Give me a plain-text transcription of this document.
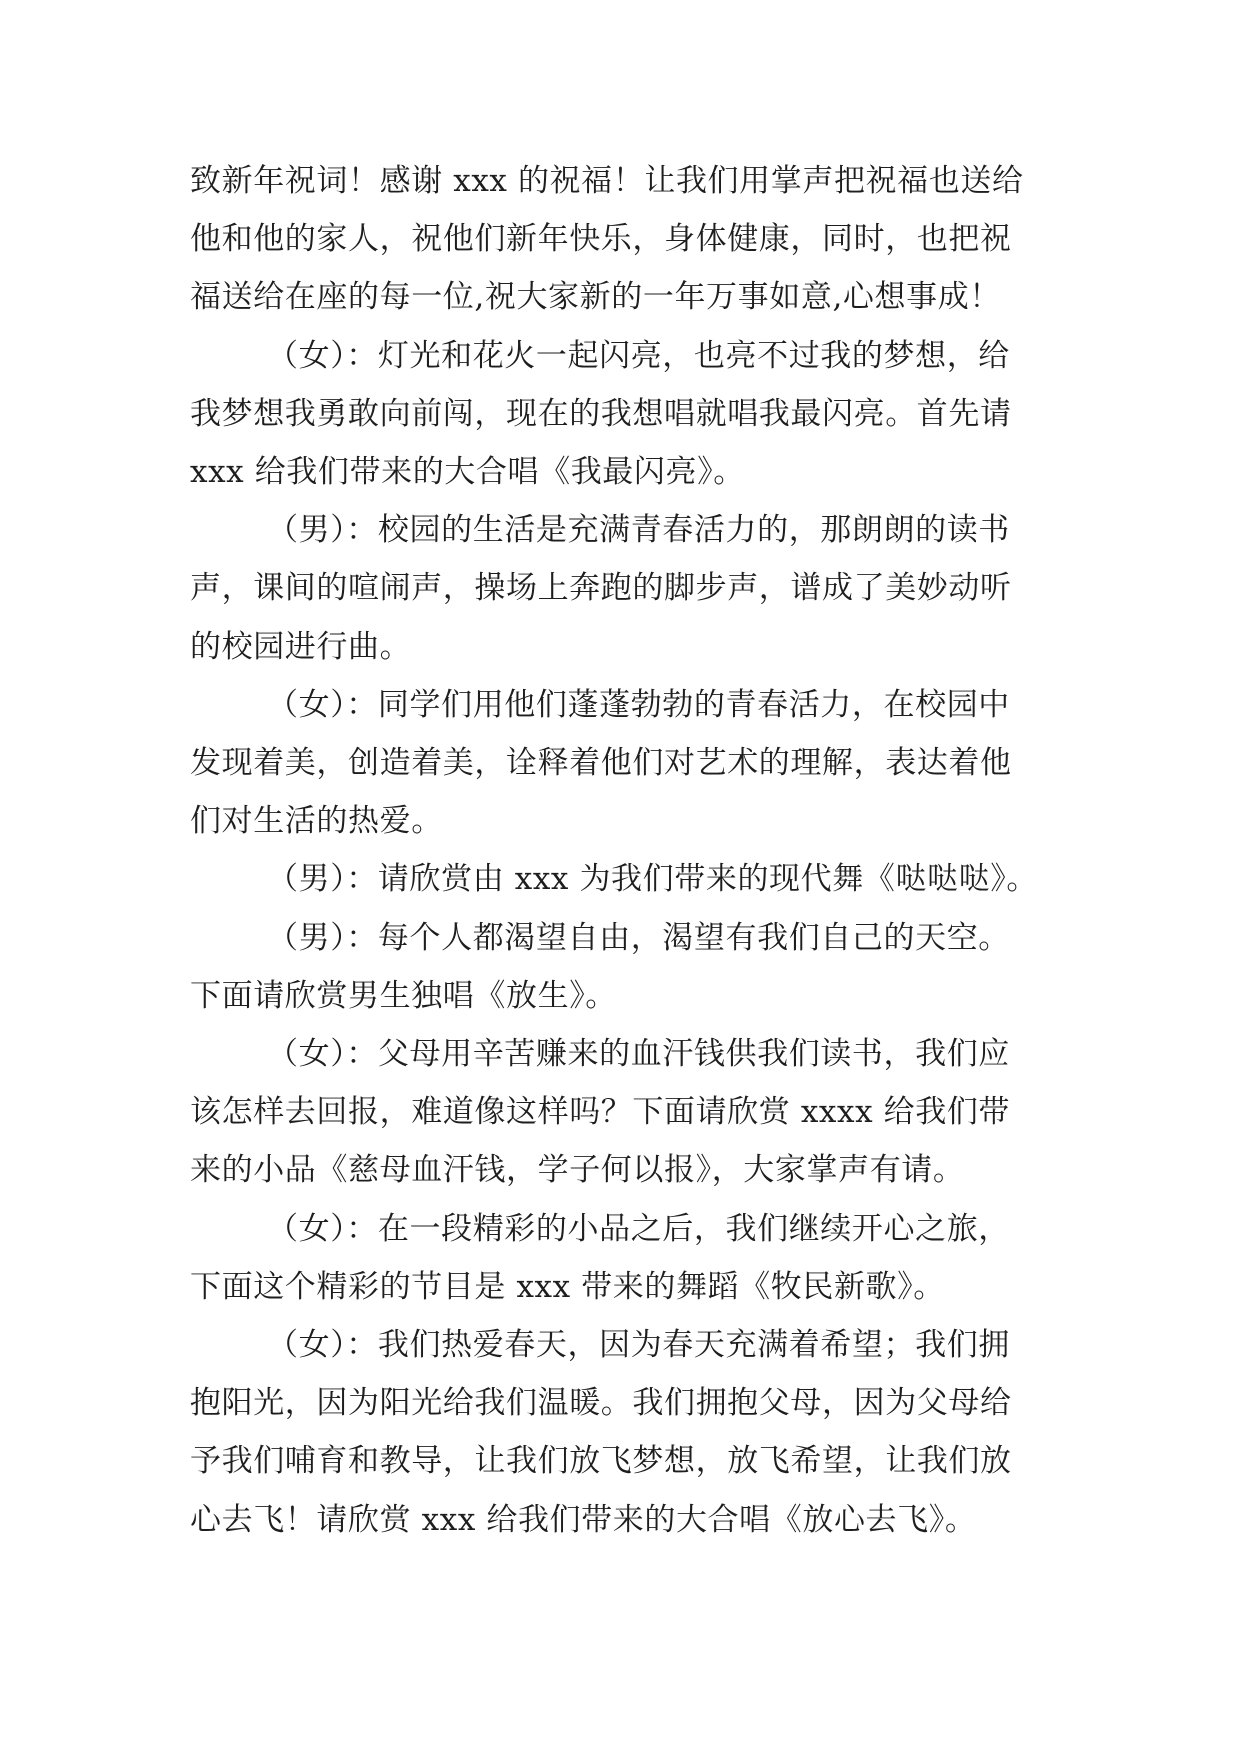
致新年祝词！感谢 xxx 的祝福！让我们用掌声把祝福也送给
他和他的家人，祝他们新年快乐，身体健康，同时，也把祝
福送给在座的每一位,祝大家新的一年万事如意,心想事成！

（女）：灯光和花火一起闪亮，也亮不过我的梦想，给
我梦想我勇敢向前闯，现在的我想唱就唱我最闪亮。首先请
xxx 给我们带来的大合唱《我最闪亮》。

（男）：校园的生活是充满青春活力的，那朗朗的读书
声，课间的喧闹声，操场上奔跑的脚步声，谱成了美妙动听
的校园进行曲。

（女）：同学们用他们蓬蓬勃勃的青春活力，在校园中
发现着美，创造着美，诠释着他们对艺术的理解，表达着他
们对生活的热爱。

（男）：请欣赏由 xxx 为我们带来的现代舞《哒哒哒》。

（男）：每个人都渴望自由，渴望有我们自己的天空。
下面请欣赏男生独唱《放生》。

（女）：父母用辛苦赚来的血汗钱供我们读书，我们应
该怎样去回报，难道像这样吗？下面请欣赏 xxxx 给我们带
来的小品《慈母血汗钱，学子何以报》，大家掌声有请。

（女）：在一段精彩的小品之后，我们继续开心之旅，
下面这个精彩的节目是 xxx 带来的舞蹈《牧民新歌》。

（女）：我们热爱春天，因为春天充满着希望；我们拥
抱阳光，因为阳光给我们温暖。我们拥抱父母，因为父母给
予我们哺育和教导，让我们放飞梦想，放飞希望，让我们放
心去飞！请欣赏 xxx 给我们带来的大合唱《放心去飞》。
